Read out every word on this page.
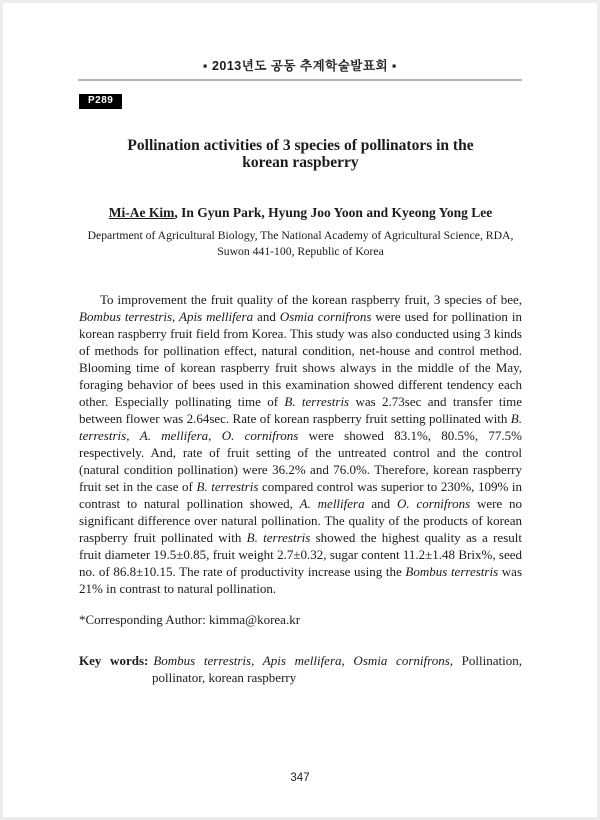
▪ 2013년도 공동 추계학술발표회 ▪
P289
Pollination activities of 3 species of pollinators in the
korean raspberry
Mi-Ae Kim, In Gyun Park, Hyung Joo Yoon and Kyeong Yong Lee
Department of Agricultural Biology, The National Academy of Agricultural Science, RDA,
Suwon 441-100, Republic of Korea

To improvement the fruit quality of the korean raspberry fruit, 3 species of bee, Bombus terrestris, Apis mellifera and Osmia cornifrons were used for pollination in korean raspberry fruit field from Korea. This study was also conducted using 3 kinds of methods for pollination effect, natural condition, net-house and control method. Blooming time of korean raspberry fruit shows always in the middle of the May, foraging behavior of bees used in this examination showed different tendency each other. Especially pollinating time of B. terrestris was 2.73sec and transfer time between flower was 2.64sec. Rate of korean raspberry fruit setting pollinated with B. terrestris, A. mellifera, O. cornifrons were showed 83.1%, 80.5%, 77.5% respectively. And, rate of fruit setting of the untreated control and the control (natural condition pollination) were 36.2% and 76.0%. Therefore, korean raspberry fruit set in the case of B. terrestris compared control was superior to 230%, 109% in contrast to natural pollination showed, A. mellifera and O. cornifrons were no significant difference over natural pollination. The quality of the products of korean raspberry fruit pollinated with B. terrestris showed the highest quality as a result fruit diameter 19.5±0.85, fruit weight 2.7±0.32, sugar content 11.2±1.48 Brix%, seed no. of 86.8±10.15. The rate of productivity increase using the Bombus terrestris was 21% in contrast to natural pollination.

*Corresponding Author: kimma@korea.kr

Key words: Bombus terrestris, Apis mellifera, Osmia cornifrons, Pollination, pollinator, korean raspberry

347
